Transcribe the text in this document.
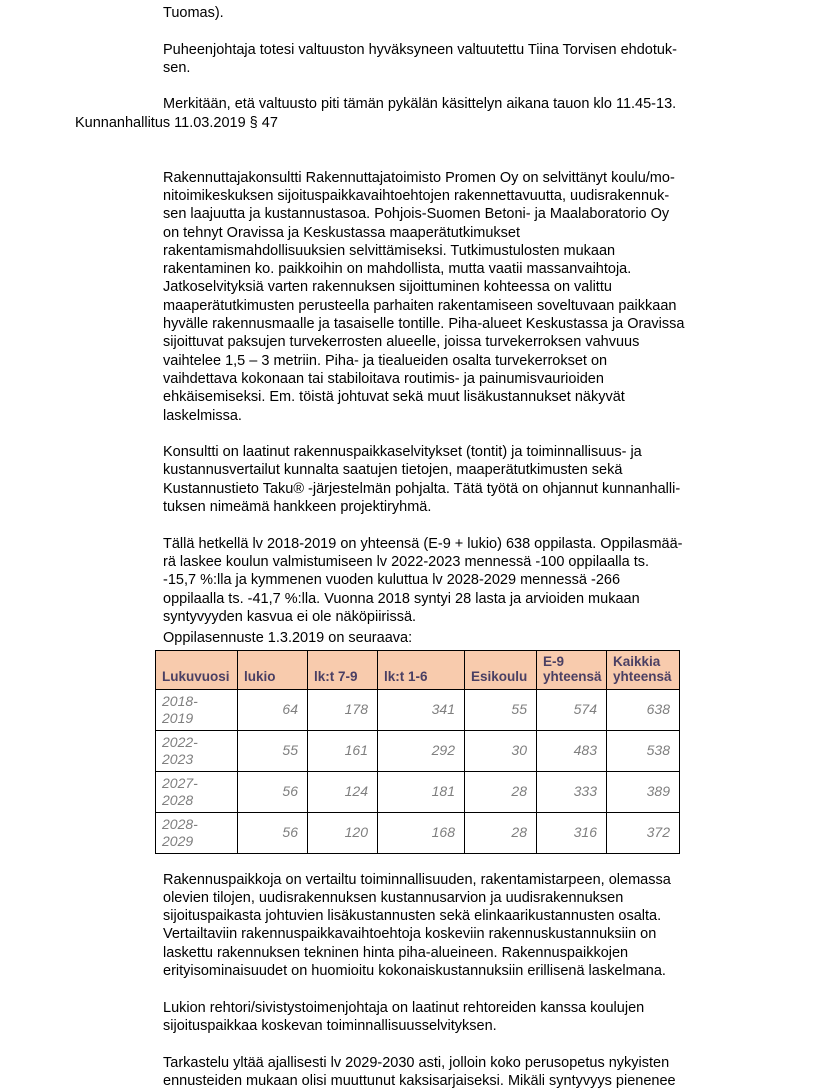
Tuomas).
Puheenjohtaja totesi valtuuston hyväksyneen valtuutettu Tiina Torvisen ehdotuk-
sen.
Merkitään, etä valtuusto piti tämän pykälän käsittelyn aikana tauon klo 11.45-13.
Kunnanhallitus 11.03.2019 § 47
Rakennuttajakonsultti Rakennuttajatoimisto Promen Oy on selvittänyt koulu/mo-
nitoimikeskuksen sijoituspaikkavaihtoehtojen rakennettavuutta, uudisrakennuk-
sen laajuutta ja kustannustasoa. Pohjois-Suomen Betoni- ja Maalaboratorio Oy
on tehnyt Oravissa ja Keskustassa maaperätutkimukset
rakentamismahdollisuuksien selvittämiseksi. Tutkimustulosten mukaan
rakentaminen ko. paikkoihin on mahdollista, mutta vaatii massanvaihtoja.
Jatkoselvityksiä varten rakennuksen sijoittuminen kohteessa on valittu
maaperätutkimusten perusteella parhaiten rakentamiseen soveltuvaan paikkaan
hyvälle rakennusmaalle ja tasaiselle tontille. Piha-alueet Keskustassa ja Oravissa
sijoittuvat paksujen turvekerrosten alueelle, joissa turvekerroksen vahvuus
vaihtelee 1,5 – 3 metriin. Piha- ja tiealueiden osalta turvekerrokset on
vaihdettava kokonaan tai stabiloitava routimis- ja painumisvaurioiden
ehkäisemiseksi. Em. töistä johtuvat sekä muut lisäkustannukset näkyvät
laskelmissa.
Konsultti on laatinut rakennuspaikkaselvitykset (tontit) ja toiminnallisuus- ja
kustannusvertailut kunnalta saatujen tietojen, maaperätutkimusten sekä
Kustannustieto Taku® -järjestelmän pohjalta. Tätä työtä on ohjannut kunnanhalli-
tuksen nimeämä hankkeen projektiryhmä.
Tällä hetkellä lv 2018-2019 on yhteensä (E-9 + lukio) 638 oppilasta. Oppilasmää-
rä laskee koulun valmistumiseen lv 2022-2023 mennessä -100 oppilaalla ts.
-15,7 %:lla ja kymmenen vuoden kuluttua lv 2028-2029 mennessä -266
oppilaalla ts. -41,7 %:lla. Vuonna 2018 syntyi 28 lasta ja arvioiden mukaan
syntyvyyden kasvua ei ole näköpiirissä.
Oppilasennuste 1.3.2019 on seuraava:
Lukuvuosi	lukio	lk:t 7-9	lk:t 1-6	Esikoulu	E-9 yhteensä	Kaikkia yhteensä
2018-2019	64	178	341	55	574	638
2022-2023	55	161	292	30	483	538
2027-2028	56	124	181	28	333	389
2028-2029	56	120	168	28	316	372
Rakennuspaikkoja on vertailtu toiminnallisuuden, rakentamistarpeen, olemassa
olevien tilojen, uudisrakennuksen kustannusarvion ja uudisrakennuksen
sijoituspaikasta johtuvien lisäkustannusten sekä elinkaarikustannusten osalta.
Vertailtaviin rakennuspaikkavaihtoehtoja koskeviin rakennuskustannuksiin on
laskettu rakennuksen tekninen hinta piha-alueineen. Rakennuspaikkojen
erityisominaisuudet on huomioitu kokonaiskustannuksiin erillisenä laskelmana.
Lukion rehtori/sivistystoimenjohtaja on laatinut rehtoreiden kanssa koulujen
sijoituspaikkaa koskevan toiminnallisuusselvityksen.
Tarkastelu yltää ajallisesti lv 2029-2030 asti, jolloin koko perusopetus nykyisten
ennusteiden mukaan olisi muuttunut kaksisarjaiseksi. Mikäli syntyvyys pienenee
